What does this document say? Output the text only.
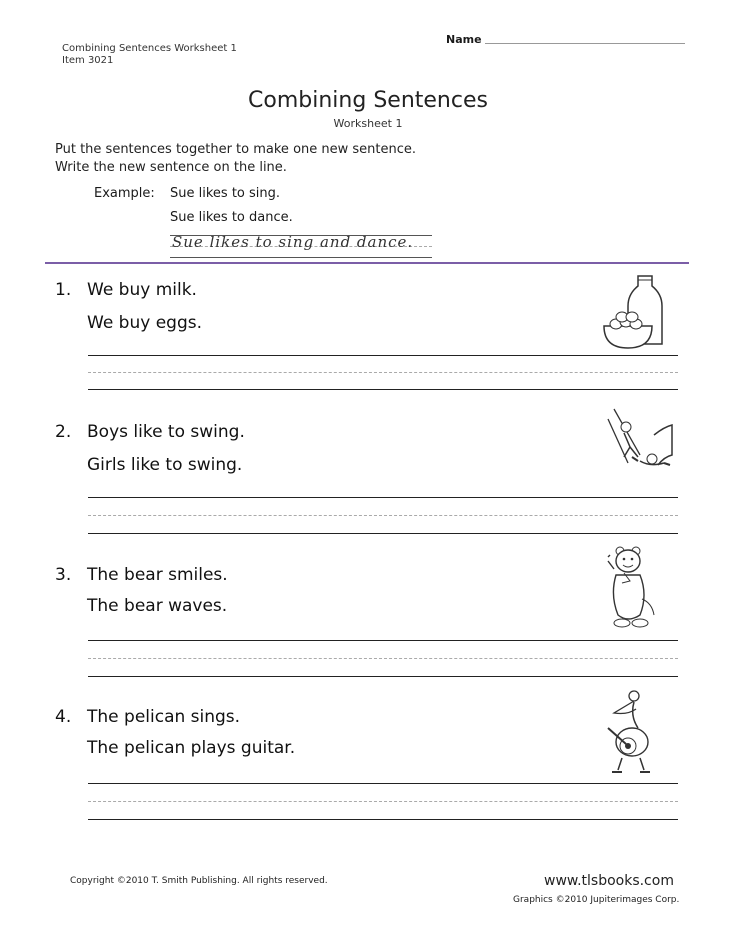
Name
Combining Sentences Worksheet 1
Item 3021
Combining Sentences
Worksheet 1
Put the sentences together to make one new sentence.
Write the new sentence on the line.
Example: Sue likes to sing.
Sue likes to dance.
Sue likes to sing and dance.
1. We buy milk.
We buy eggs.
2. Boys like to swing.
Girls like to swing.
3. The bear smiles.
The bear waves.
4. The pelican sings.
The pelican plays guitar.
Copyright ©2010 T. Smith Publishing. All rights reserved.	www.tlsbooks.com
Graphics ©2010 Jupiterimages Corp.
